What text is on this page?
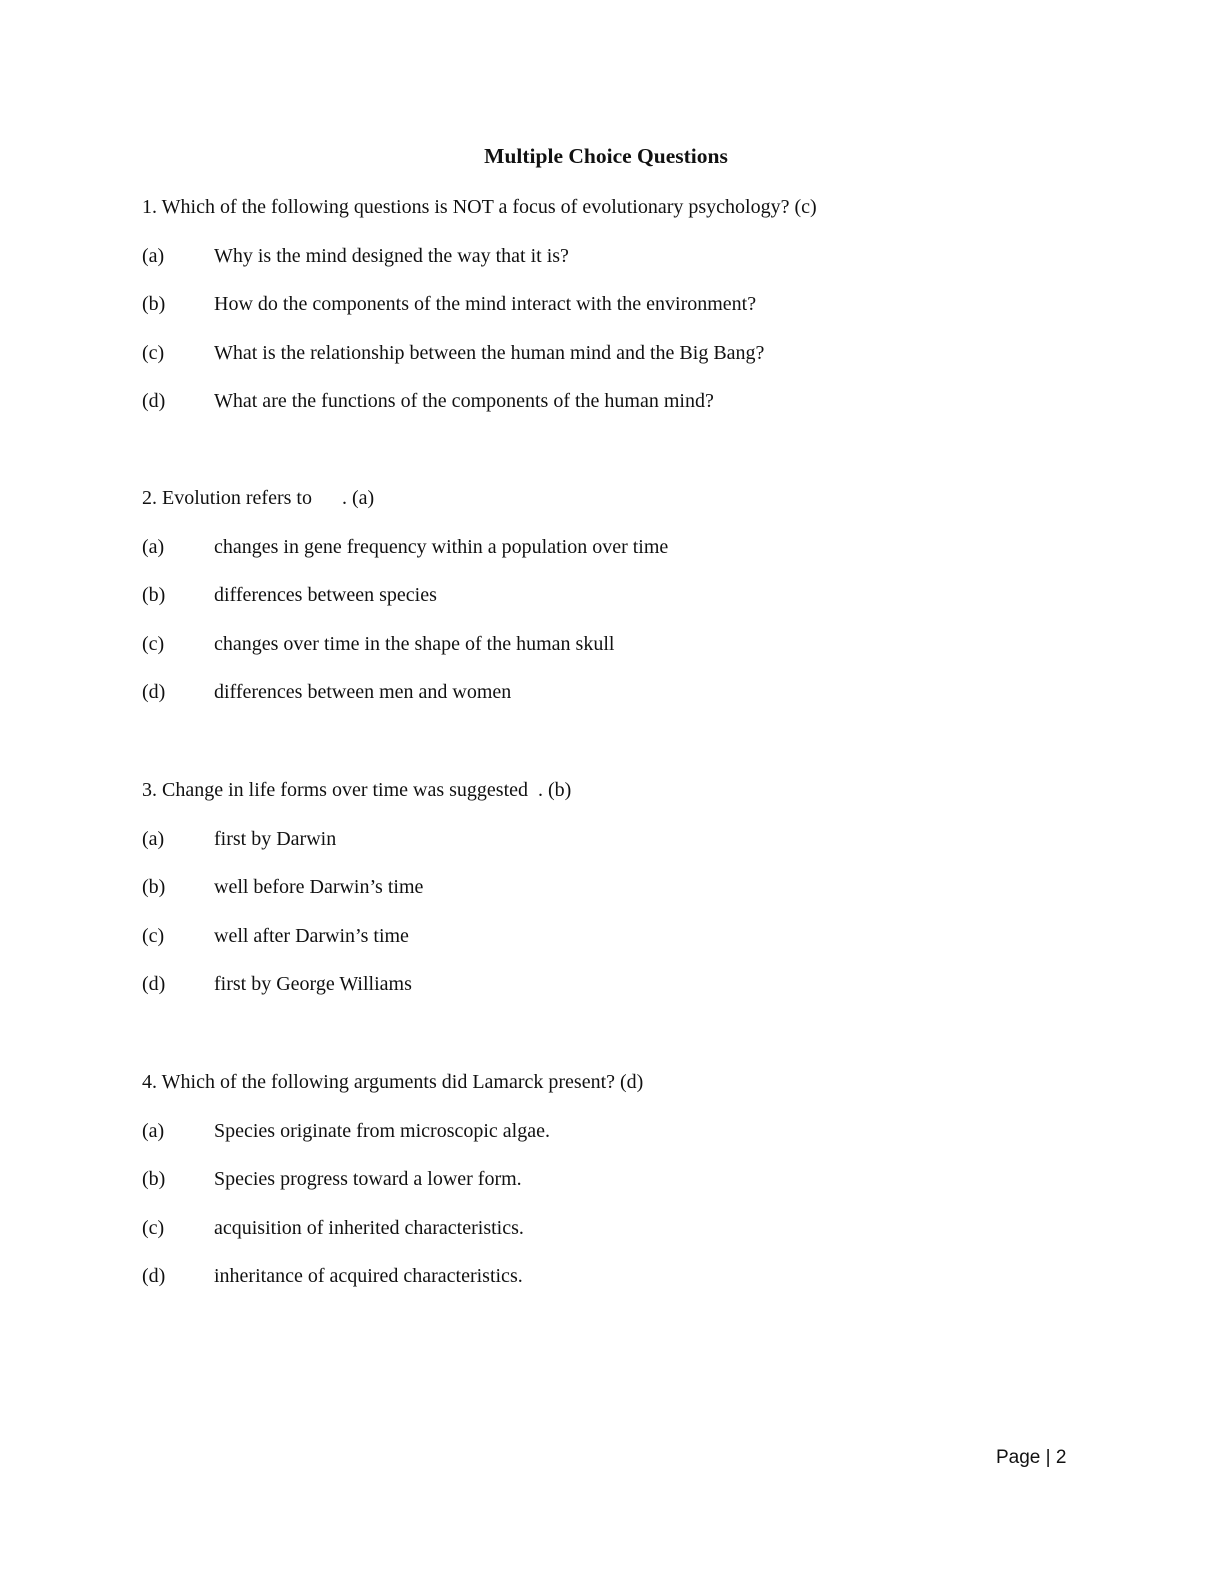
Multiple Choice Questions
1. Which of the following questions is NOT a focus of evolutionary psychology? (c)
(a) Why is the mind designed the way that it is?
(b) How do the components of the mind interact with the environment?
(c) What is the relationship between the human mind and the Big Bang?
(d) What are the functions of the components of the human mind?
2. Evolution refers to      . (a)
(a) changes in gene frequency within a population over time
(b) differences between species
(c) changes over time in the shape of the human skull
(d) differences between men and women
3. Change in life forms over time was suggested  . (b)
(a) first by Darwin
(b) well before Darwin’s time
(c) well after Darwin’s time
(d) first by George Williams
4. Which of the following arguments did Lamarck present? (d)
(a) Species originate from microscopic algae.
(b) Species progress toward a lower form.
(c) acquisition of inherited characteristics.
(d) inheritance of acquired characteristics.
Page | 2
